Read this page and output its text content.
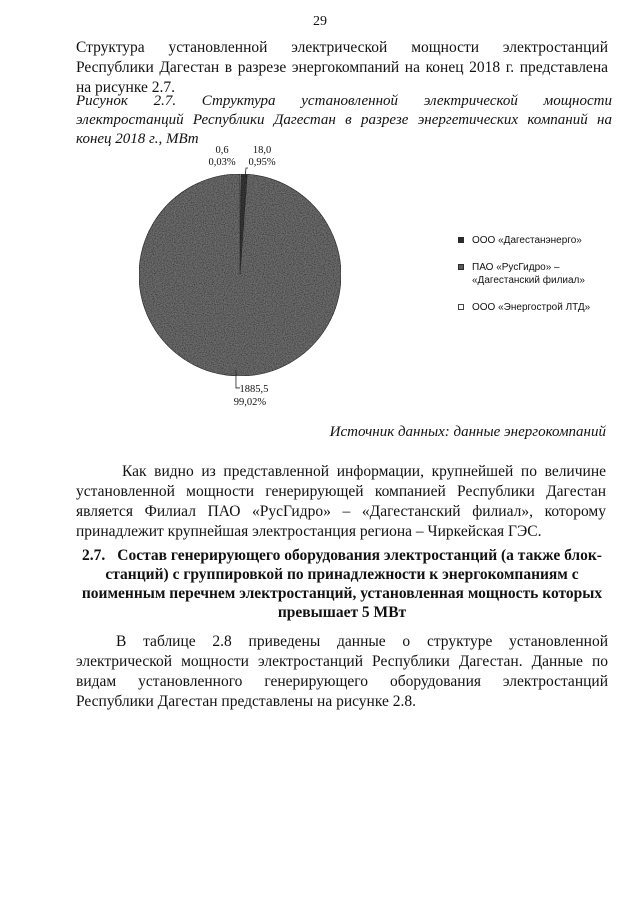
29

Структура установленной электрической мощности электростанций Республики Дагестан в разрезе энергокомпаний на конец 2018 г. представлена на рисунке 2.7.

Рисунок 2.7. Структура установленной электрической мощности электростанций Республики Дагестан в разрезе энергетических компаний на конец 2018 г., МВт

0,6
0,03%
18,0
0,95%
1885,5
99,02%
ООО «Дагестанэнерго»
ПАО «РусГидро» –
«Дагестанский филиал»
ООО «Энергострой ЛТД»
Источник данных: данные энергокомпаний

Как видно из представленной информации, крупнейшей по величине установленной мощности генерирующей компанией Республики Дагестан является Филиал ПАО «РусГидро» – «Дагестанский филиал», которому принадлежит крупнейшая электростанция региона – Чиркейская ГЭС.

2.7. Состав генерирующего оборудования электростанций (а также блок-станций) с группировкой по принадлежности к энергокомпаниям с поименным перечнем электростанций, установленная мощность которых превышает 5 МВт

В таблице 2.8 приведены данные о структуре установленной электрической мощности электростанций Республики Дагестан. Данные по видам установленного генерирующего оборудования электростанций Республики Дагестан представлены на рисунке 2.8.
